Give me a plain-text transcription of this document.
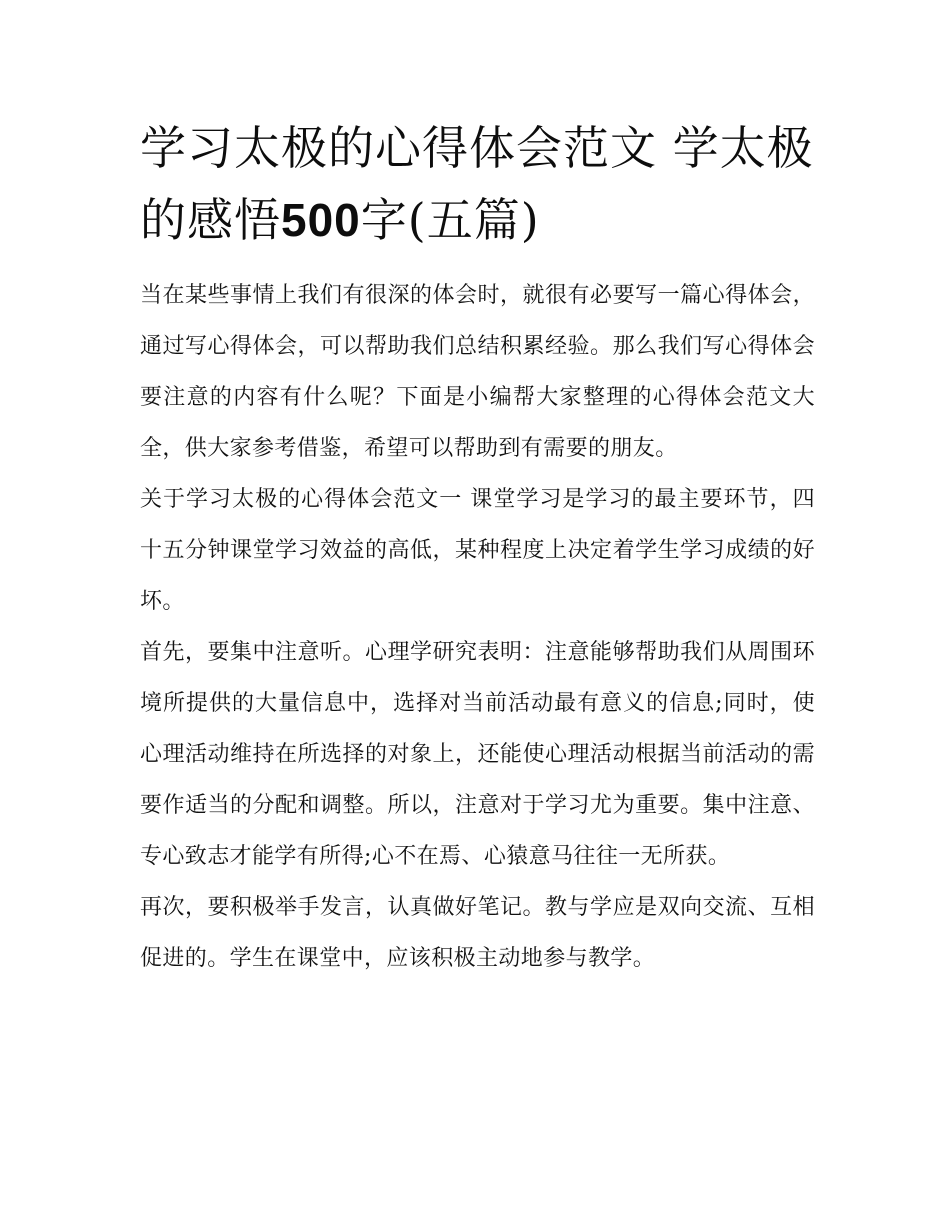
学习太极的心得体会范文 学太极的感悟500字(五篇)

当在某些事情上我们有很深的体会时，就很有必要写一篇心得体会，通过写心得体会，可以帮助我们总结积累经验。那么我们写心得体会要注意的内容有什么呢？下面是小编帮大家整理的心得体会范文大全，供大家参考借鉴，希望可以帮助到有需要的朋友。

关于学习太极的心得体会范文一 课堂学习是学习的最主要环节，四十五分钟课堂学习效益的高低，某种程度上决定着学生学习成绩的好坏。

首先，要集中注意听。心理学研究表明：注意能够帮助我们从周围环境所提供的大量信息中，选择对当前活动最有意义的信息;同时，使心理活动维持在所选择的对象上，还能使心理活动根据当前活动的需要作适当的分配和调整。所以，注意对于学习尤为重要。集中注意、专心致志才能学有所得;心不在焉、心猿意马往往一无所获。

再次，要积极举手发言，认真做好笔记。教与学应是双向交流、互相促进的。学生在课堂中，应该积极主动地参与教学。
